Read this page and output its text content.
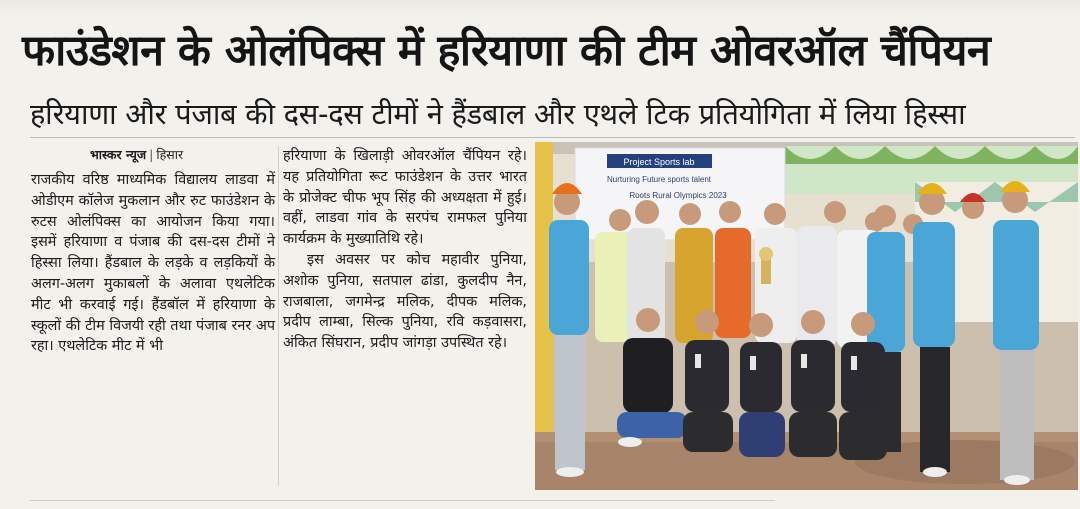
फाउंडेशन के ओलंपिक्स में हरियाणा की टीम ओवरऑल चैंपियन
हरियाणा और पंजाब की दस-दस टीमों ने हैंडबाल और एथले टिक प्रतियोगिता में लिया हिस्सा
भास्कर न्यूज | हिसार

राजकीय वरिष्ठ माध्यमिक विद्यालय लाडवा में ओडीएम कॉलेज मुकलान और रुट फाउंडेशन के रुटस ओलंपिक्स का आयोजन किया गया। इसमें हरियाणा व पंजाब की दस-दस टीमों ने हिस्सा लिया। हैंडबाल के लड़के व लड़कियों के अलग-अलग मुकाबलों के अलावा एथलेटिक मीट भी करवाई गई। हैंडबॉल में हरियाणा के स्कूलों की टीम विजयी रही तथा पंजाब रनर अप रहा। एथलेटिक मीट में भी

हरियाणा के खिलाड़ी ओवरऑल चैंपियन रहे। यह प्रतियोगिता रूट फाउंडेशन के उत्तर भारत के प्रोजेक्ट चीफ भूप सिंह की अध्यक्षता में हुई। वहीं, लाडवा गांव के सरपंच रामफल पुनिया कार्यक्रम के मुख्यातिथि रहे।

इस अवसर पर कोच महावीर पुनिया, अशोक पुनिया, सतपाल ढांडा, कुलदीप नैन, राजबाला, जगमेन्द्र मलिक, दीपक मलिक, प्रदीप लाम्बा, सिल्क पुनिया, रवि कड़वासरा, अंकित सिंघरान, प्रदीप जांगड़ा उपस्थित रहे।

Project Sports lab
Nurturing Future sports talent
Roots Rural Olympics 2023
